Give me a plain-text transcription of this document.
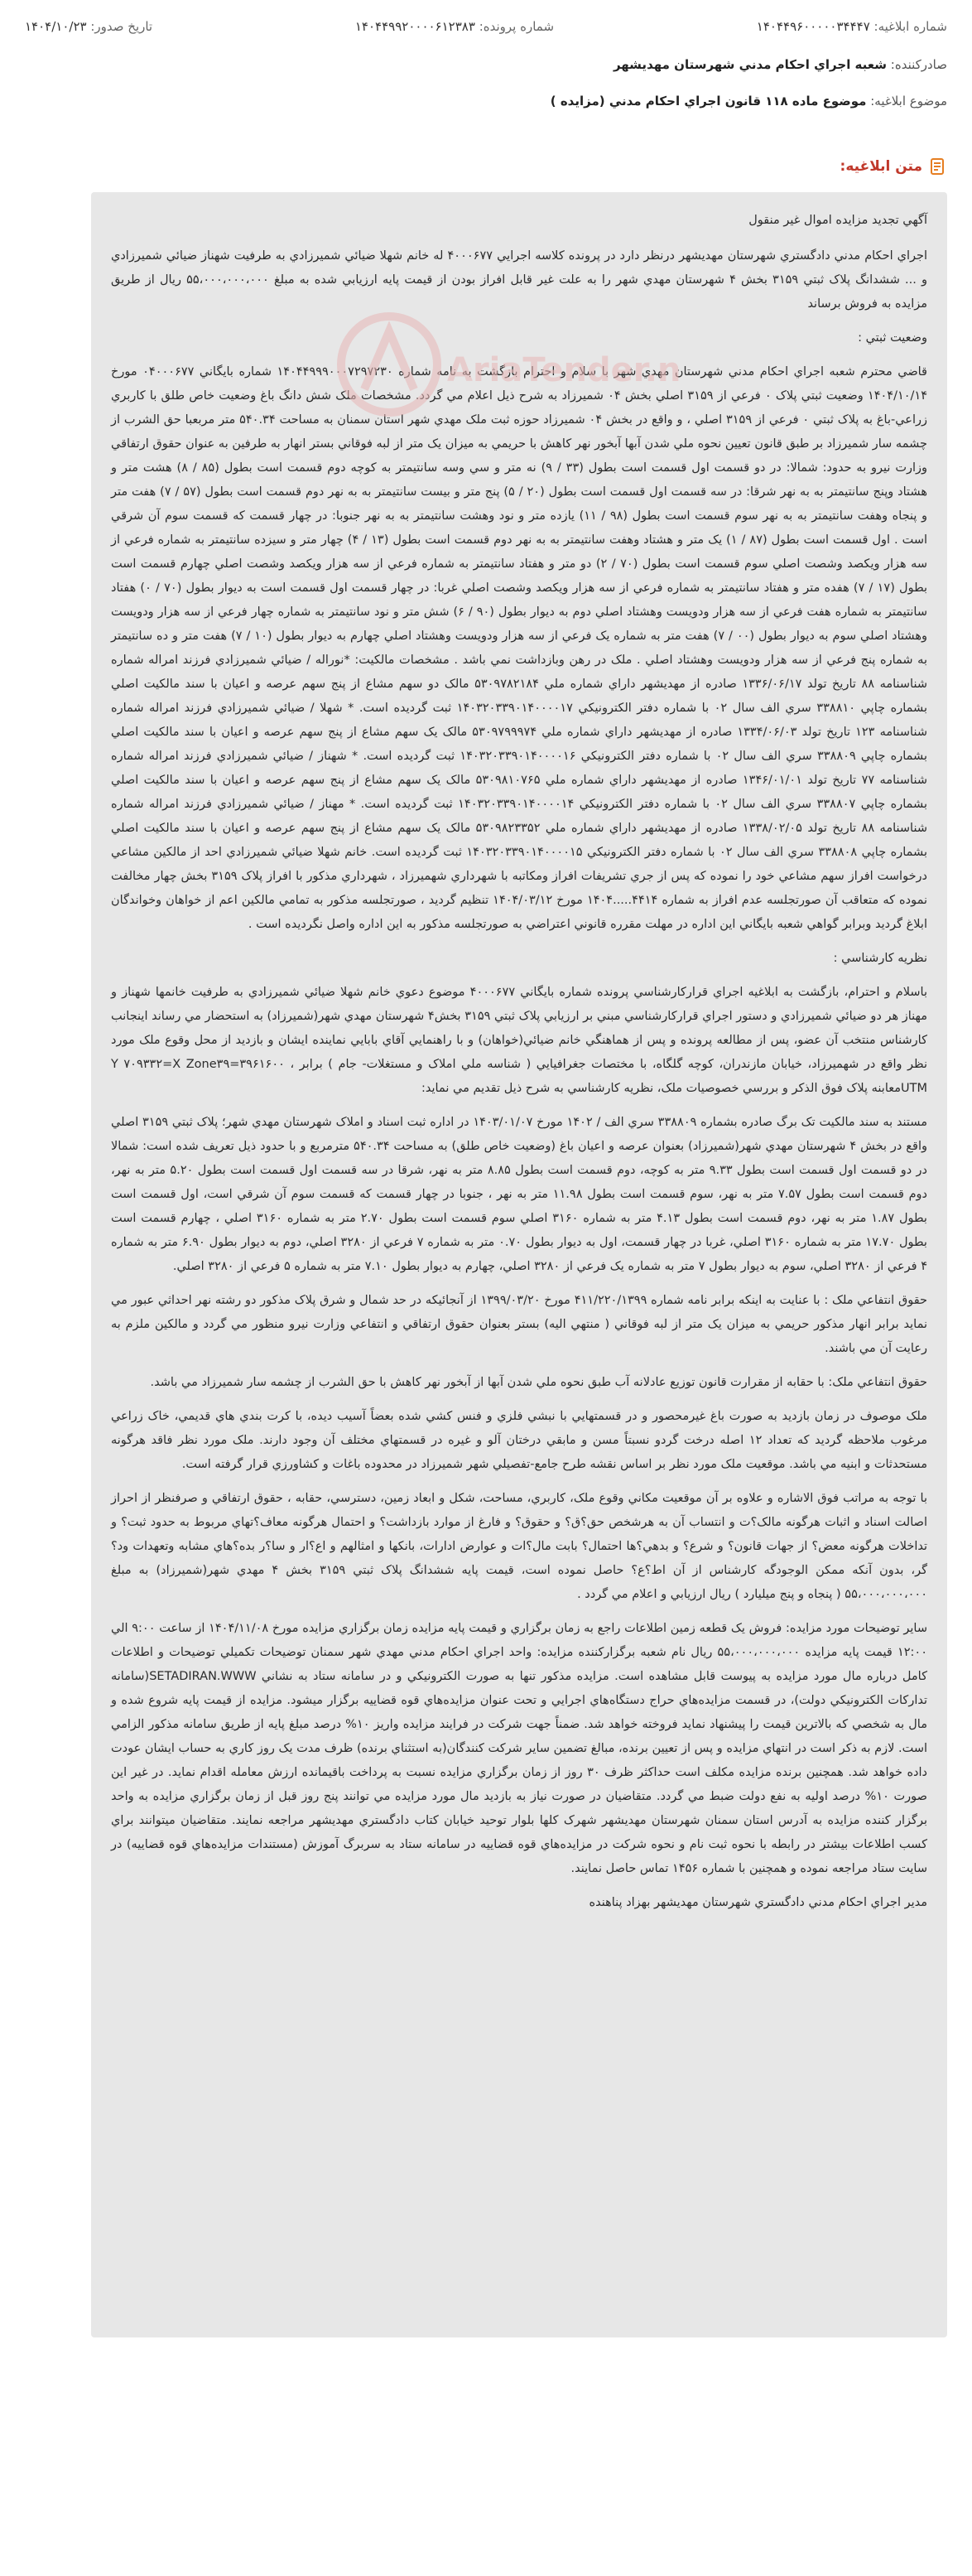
شماره ابلاغیه: ۱۴۰۴۴۹۶۰۰۰۰۰۳۴۴۴۷
شماره پرونده: ۱۴۰۴۴۹۹۲۰۰۰۰۶۱۲۳۸۳
تاریخ صدور: ۱۴۰۴/۱۰/۲۳
صادرکننده: شعبه اجراي احکام مدني شهرستان مهديشهر
موضوع ابلاغیه: موضوع ماده ۱۱۸ قانون اجراي احكام مدني (مزايده )
متن ابلاغیه:

آگهي تجديد مزايده اموال غير منقول

اجراي احکام مدني دادگستري شهرستان مهديشهر درنظر دارد در پرونده کلاسه اجرايي ۴۰۰۰۶۷۷ له خانم شهلا ضيائي شميرزادي به طرفيت شهناز ضيائي شميرزادي و ... ششدانگ پلاک ثبتي ۳۱۵۹ بخش ۴ شهرستان مهدي شهر را به علت غير قابل افراز بودن از قيمت پايه ارزيابي شده به مبلغ ۵۵،۰۰۰،۰۰۰،۰۰۰ ريال از طريق مزايده به فروش برساند

وضعيت ثبتي :

قاضي محترم شعبه اجراي احکام مدني شهرستان مهدي شهر با سلام و احترام بازگشت به نامه شماره ۱۴۰۴۴۹۹۹۰۰۰۷۲۹۷۲۳۰ شماره بايگاني ۰۴۰۰۰۶۷۷ مورخ ۱۴۰۴/۱۰/۱۴ وضعيت ثبتي پلاک ۰ فرعي از ۳۱۵۹ اصلي بخش ۰۴ شميرزاد به شرح ذيل اعلام مي گردد. مشخصات ملک شش دانگ باغ وضعيت خاص طلق با کاربري زراعي-باغ به پلاک ثبتي ۰ فرعي از ۳۱۵۹ اصلي ، و واقع در بخش ۰۴ شميرزاد حوزه ثبت ملک مهدي شهر استان سمنان به مساحت ۵۴۰.۳۴ متر مربعبا حق الشرب از چشمه سار شميرزاد بر طبق قانون تعيين نحوه ملي شدن آبها آبخور نهر کاهش با حريمي به ميزان يک متر از لبه فوقاني بستر انهار به طرفين به عنوان حقوق ارتفاقي وزارت نيرو به حدود: شمالا: در دو قسمت اول قسمت است بطول (۳۳ / ۹) نه متر و سي وسه سانتيمتر به کوچه دوم قسمت است بطول (۸۵ / ۸) هشت متر و هشتاد وپنج سانتيمتر به به نهر شرقا: در سه قسمت اول قسمت است بطول (۲۰ / ۵) پنج متر و بيست سانتيمتر به به نهر دوم قسمت است بطول (۵۷ / ۷) هفت متر و پنجاه وهفت سانتيمتر به به نهر سوم قسمت است بطول (۹۸ / ۱۱) يازده متر و نود وهشت سانتيمتر به به نهر جنوبا: در چهار قسمت که قسمت سوم آن شرقي است . اول قسمت است بطول (۸۷ / ۱) يک متر و هشتاد وهفت سانتيمتر به به نهر دوم قسمت است بطول (۱۳ / ۴) چهار متر و سيزده سانتيمتر به شماره فرعي از سه هزار ويکصد وشصت اصلي سوم قسمت است بطول (۷۰ / ۲) دو متر و هفتاد سانتيمتر به شماره فرعي از سه هزار ويکصد وشصت اصلي چهارم قسمت است بطول (۱۷ / ۷) هفده متر و هفتاد سانتيمتر به شماره فرعي از سه هزار ويکصد وشصت اصلي غربا: در چهار قسمت اول قسمت است به ديوار بطول (۷۰ / ۰) هفتاد سانتيمتر به شماره هفت فرعي از سه هزار ودويست وهشتاد اصلي دوم به ديوار بطول (۹۰ / ۶) شش متر و نود سانتيمتر به شماره چهار فرعي از سه هزار ودويست وهشتاد اصلي سوم به ديوار بطول (۰۰ / ۷) هفت متر به شماره يک فرعي از سه هزار ودويست وهشتاد اصلي چهارم به ديوار بطول (۱۰ / ۷) هفت متر و ده سانتيمتر به شماره پنج فرعي از سه هزار ودويست وهشتاد اصلي . ملک در رهن وبازداشت نمي باشد . مشخصات مالکيت: *نوراله / ضيائي شميرزادي فرزند امراله شماره شناسنامه ۸۸ تاريخ تولد ۱۳۳۶/۰۶/۱۷ صادره از مهديشهر داراي شماره ملي ۵۳۰۹۷۸۲۱۸۴ مالک دو سهم مشاع از پنج سهم عرصه و اعيان با سند مالکيت اصلي بشماره چاپي ۳۳۸۸۱۰ سري الف سال ۰۲ با شماره دفتر الکترونيکي ۱۴۰۳۲۰۳۳۹۰۱۴۰۰۰۰۱۷ ثبت گرديده است. * شهلا / ضيائي شميرزادي فرزند امراله شماره شناسنامه ۱۲۳ تاريخ تولد ۱۳۳۴/۰۶/۰۳ صادره از مهديشهر داراي شماره ملي ۵۳۰۹۷۹۹۹۷۴ مالک يک سهم مشاع از پنج سهم عرصه و اعيان با سند مالکيت اصلي بشماره چاپي ۳۳۸۸۰۹ سري الف سال ۰۲ با شماره دفتر الکترونيکي ۱۴۰۳۲۰۳۳۹۰۱۴۰۰۰۰۱۶ ثبت گرديده است. * شهناز / ضيائي شميرزادي فرزند امراله شماره شناسنامه ۷۷ تاريخ تولد ۱۳۴۶/۰۱/۰۱ صادره از مهديشهر داراي شماره ملي ۵۳۰۹۸۱۰۷۶۵ مالک يک سهم مشاع از پنج سهم عرصه و اعيان با سند مالکيت اصلي بشماره چاپي ۳۳۸۸۰۷ سري الف سال ۰۲ با شماره دفتر الکترونيکي ۱۴۰۳۲۰۳۳۹۰۱۴۰۰۰۰۱۴ ثبت گرديده است. * مهناز / ضيائي شميرزادي فرزند امراله شماره شناسنامه ۸۸ تاريخ تولد ۱۳۳۸/۰۲/۰۵ صادره از مهديشهر داراي شماره ملي ۵۳۰۹۸۲۳۳۵۲ مالک يک سهم مشاع از پنج سهم عرصه و اعيان با سند مالکيت اصلي بشماره چاپي ۳۳۸۸۰۸ سري الف سال ۰۲ با شماره دفتر الکترونيکي ۱۴۰۳۲۰۳۳۹۰۱۴۰۰۰۰۱۵ ثبت گرديده است. خانم شهلا ضيائي شميرزادي احد از مالکين مشاعي درخواست افراز سهم مشاعي خود را نموده که پس از جري تشريفات افراز ومکاتبه با شهرداري شهميرزاد ، شهرداري مذکور با افراز پلاک ۳۱۵۹ بخش چهار مخالفت نموده که متعاقب آن صورتجلسه عدم افراز به شماره ۴۴۱۴.....۱۴۰۴ مورخ ۱۴۰۴/۰۳/۱۲ تنظيم گرديد ، صورتجلسه مذکور به تمامي مالکين اعم از خواهان وخواندگان ابلاغ گرديد وبرابر گواهي شعبه بايگاني اين اداره در مهلت مقرره قانوني اعتراضي به صورتجلسه مذکور به اين اداره واصل نگرديده است .

نظريه کارشناسي :

باسلام و احترام، بازگشت به ابلاغيه اجراي قرارکارشناسي پرونده شماره بايگاني ۴۰۰۰۶۷۷ موضوع دعوي خانم شهلا ضيائي شميرزادي به طرفيت خانمها شهناز و مهناز هر دو ضيائي شميرزادي و دستور اجراي قرارکارشناسي مبني بر ارزيابي پلاک ثبتي ۳۱۵۹ بخش۴ شهرستان مهدي شهر(شميرزاد) به استحضار مي رساند اينجانب کارشناس منتخب آن عضو، پس از مطالعه پرونده و پس از هماهنگي خانم ضيائي(خواهان) و با راهنمايي آقاي بابايي نماينده ايشان و بازديد از محل وقوع ملک مورد نظر واقع در شهميرزاد، خيابان مازندران، کوچه گلگاه، با مختصات جغرافيايي ( شناسه ملي املاک و مستغلات- جام ) برابر ، ۳۹۶۱۶۰۰=Y ۷۰۹۳۳۲=X Zone۳۹ UTMمعابنه پلاک فوق الذکر و بررسي خصوصيات ملک، نظريه کارشناسي به شرح ذيل تقديم مي نمايد:

مستند به سند مالکيت تک برگ صادره بشماره ۳۳۸۸۰۹ سري الف / ۱۴۰۲ مورخ ۱۴۰۳/۰۱/۰۷ در اداره ثبت اسناد و املاک شهرستان مهدي شهر؛ پلاک ثبتي ۳۱۵۹ اصلي واقع در بخش ۴ شهرستان مهدي شهر(شميرزاد) بعنوان عرصه و اعيان باغ (وضعيت خاص طلق) به مساحت ۵۴۰.۳۴ مترمربع و با حدود ذيل تعريف شده است: شمالا در دو قسمت اول قسمت است بطول ۹.۳۳ متر به کوچه، دوم قسمت است بطول ۸.۸۵ متر به نهر، شرقا در سه قسمت اول قسمت است بطول ۵.۲۰ متر به نهر، دوم قسمت است بطول ۷.۵۷ متر به نهر، سوم قسمت است بطول ۱۱.۹۸ متر به نهر ، جنوبا در چهار قسمت که قسمت سوم آن شرقي است، اول قسمت است بطول ۱.۸۷ متر به نهر، دوم قسمت است بطول ۴.۱۳ متر به شماره ۳۱۶۰ اصلي سوم قسمت است بطول ۲.۷۰ متر به شماره ۳۱۶۰ اصلي ، چهارم قسمت است بطول ۱۷.۷۰ متر به شماره ۳۱۶۰ اصلي، غربا در چهار قسمت، اول به ديوار بطول ۰.۷۰ متر به شماره ۷ فرعي از ۳۲۸۰ اصلي، دوم به ديوار بطول ۶.۹۰ متر به شماره ۴ فرعي از ۳۲۸۰ اصلي، سوم به ديوار بطول ۷ متر به شماره يک فرعي از ۳۲۸۰ اصلي، چهارم به ديوار بطول ۷.۱۰ متر به شماره ۵ فرعي از ۳۲۸۰ اصلي.

حقوق انتفاعي ملک : با عنايت به اينکه برابر نامه شماره ۴۱۱/۲۲۰/۱۳۹۹ مورخ ۱۳۹۹/۰۳/۲۰ از آنجائيکه در حد شمال و شرق پلاک مذکور دو رشته نهر احداثي عبور مي نمايد برابر انهار مذکور حريمي به ميزان يک متر از لبه فوقاني ( منتهي اليه) بستر بعنوان حقوق ارتفاقي و انتفاعي وزارت نيرو منظور مي گردد و مالکين ملزم به رعايت آن مي باشند.

حقوق انتفاعي ملک: با حقابه از مقرارت قانون توزيع عادلانه آب طبق نحوه ملي شدن آبها از آبخور نهر کاهش با حق الشرب از چشمه سار شميرزاد مي باشد.

ملک موصوف در زمان بازديد به صورت باغ غيرمحصور و در قسمتهايي با نبشي فلزي و فنس کشي شده بعضاً آسيب ديده، با کرت بندي هاي قديمي، خاک زراعي مرغوب ملاحظه گرديد که تعداد ۱۲ اصله درخت گردو نسبتاً مسن و مابقي درختان آلو و غيره در قسمتهاي مختلف آن وجود دارند. ملک مورد نظر فاقد هرگونه مستحدثات و ابنيه مي باشد. موقعيت ملک مورد نظر بر اساس نقشه طرح جامع-تفصيلي شهر شميرزاد در محدوده باغات و کشاورزي قرار گرفته است.

با توجه به مراتب فوق الاشاره و علاوه بر آن موقعيت مکاني وقوع ملک، کاربري، مساحت، شکل و ابعاد زمين، دسترسي، حقابه ، حقوق ارتفاقي و صرفنظر از احراز اصالت اسناد و اثبات هرگونه مالک؟ت و انتساب آن به هرشخص حق؟ق؟ و حقوق؟ و فارغ از موارد بازداشت؟ و احتمال هرگونه معاف؟تهاي مربوط به حدود ثبت؟ و تداخلات هرگونه معض؟ از جهات قانون؟ و شرع؟ و بدهي؟ها احتمال؟ بابت مال؟ات و عوارض ادارات، بانکها و امثالهم و اع؟ار و سا؟ر بده؟هاي مشابه وتعهدات ود؟گر، بدون آنکه ممکن الوجودگه کارشناس از آن اط؟ع؟ حاصل نموده است، قيمت پايه ششدانگ پلاک ثبتي ۳۱۵۹ بخش ۴ مهدي شهر(شميرزاد) به مبلغ ۵۵،۰۰۰،۰۰۰،۰۰۰ ( پنجاه و پنج ميليارد ) ريال ارزيابي و اعلام مي گردد .

ساير توضيحات مورد مزايده: فروش يک قطعه زمين اطلاعات راجع به زمان برگزاري و قيمت پايه مزايده زمان برگزاري مزايده مورخ ۱۴۰۴/۱۱/۰۸ از ساعت ۹:۰۰ الي ۱۲:۰۰ قيمت پايه مزايده ۵۵،۰۰۰،۰۰۰،۰۰۰ ريال نام شعبه برگزارکننده مزايده: واحد اجراي احکام مدني مهدي شهر سمنان توضيحات تکميلي توضيحات و اطلاعات کامل درباره مال مورد مزايده به پيوست قابل مشاهده است. مزايده مذکور تنها به صورت الکترونيکي و در سامانه ستاد به نشاني SETADIRAN.WWW(سامانه تدارکات الکترونيکي دولت)، در قسمت مزايده‌هاي حراج دستگاه‌هاي اجرايي و تحت عنوان مزايده‌هاي قوه قضاييه برگزار ميشود. مزايده از قيمت پايه شروع شده و مال به شخصي که بالاترين قيمت را پيشنهاد نمايد فروخته خواهد شد. ضمناً جهت شرکت در فرايند مزايده واريز ۱۰% درصد مبلغ پايه از طريق سامانه مذکور الزامي است. لازم به ذکر است در انتهاي مزايده و پس از تعيين برنده، مبالغ تضمين ساير شرکت کنندگان(به استثناي برنده) ظرف مدت يک روز کاري به حساب ايشان عودت داده خواهد شد. همچنين برنده مزايده مکلف است حداکثر ظرف ۳۰ روز از زمان برگزاري مزايده نسبت به پرداخت باقيمانده ارزش معامله اقدام نمايد. در غير اين صورت ۱۰% درصد اوليه به نفع دولت ضبط مي گردد. متقاضيان در صورت نياز به بازديد مال مورد مزايده مي توانند پنج روز قبل از زمان برگزاري مزايده به واحد برگزار کننده مزايده به آدرس استان سمنان شهرستان مهديشهر شهرک کلها بلوار توحيد خيابان کتاب دادگستري مهديشهر مراجعه نمايند. متقاضيان ميتوانند براي کسب اطلاعات بيشتر در رابطه با نحوه ثبت نام و نحوه شرکت در مزايده‌هاي قوه قضاييه در سامانه ستاد به سربرگ آموزش (مستندات مزايده‌هاي قوه قضاييه) در سايت ستاد مراجعه نموده و همچنين با شماره ۱۴۵۶ تماس حاصل نمايند.

مدير اجراي احکام مدني دادگستري شهرستان مهديشهر بهزاد پناهنده

AriaTender.n
